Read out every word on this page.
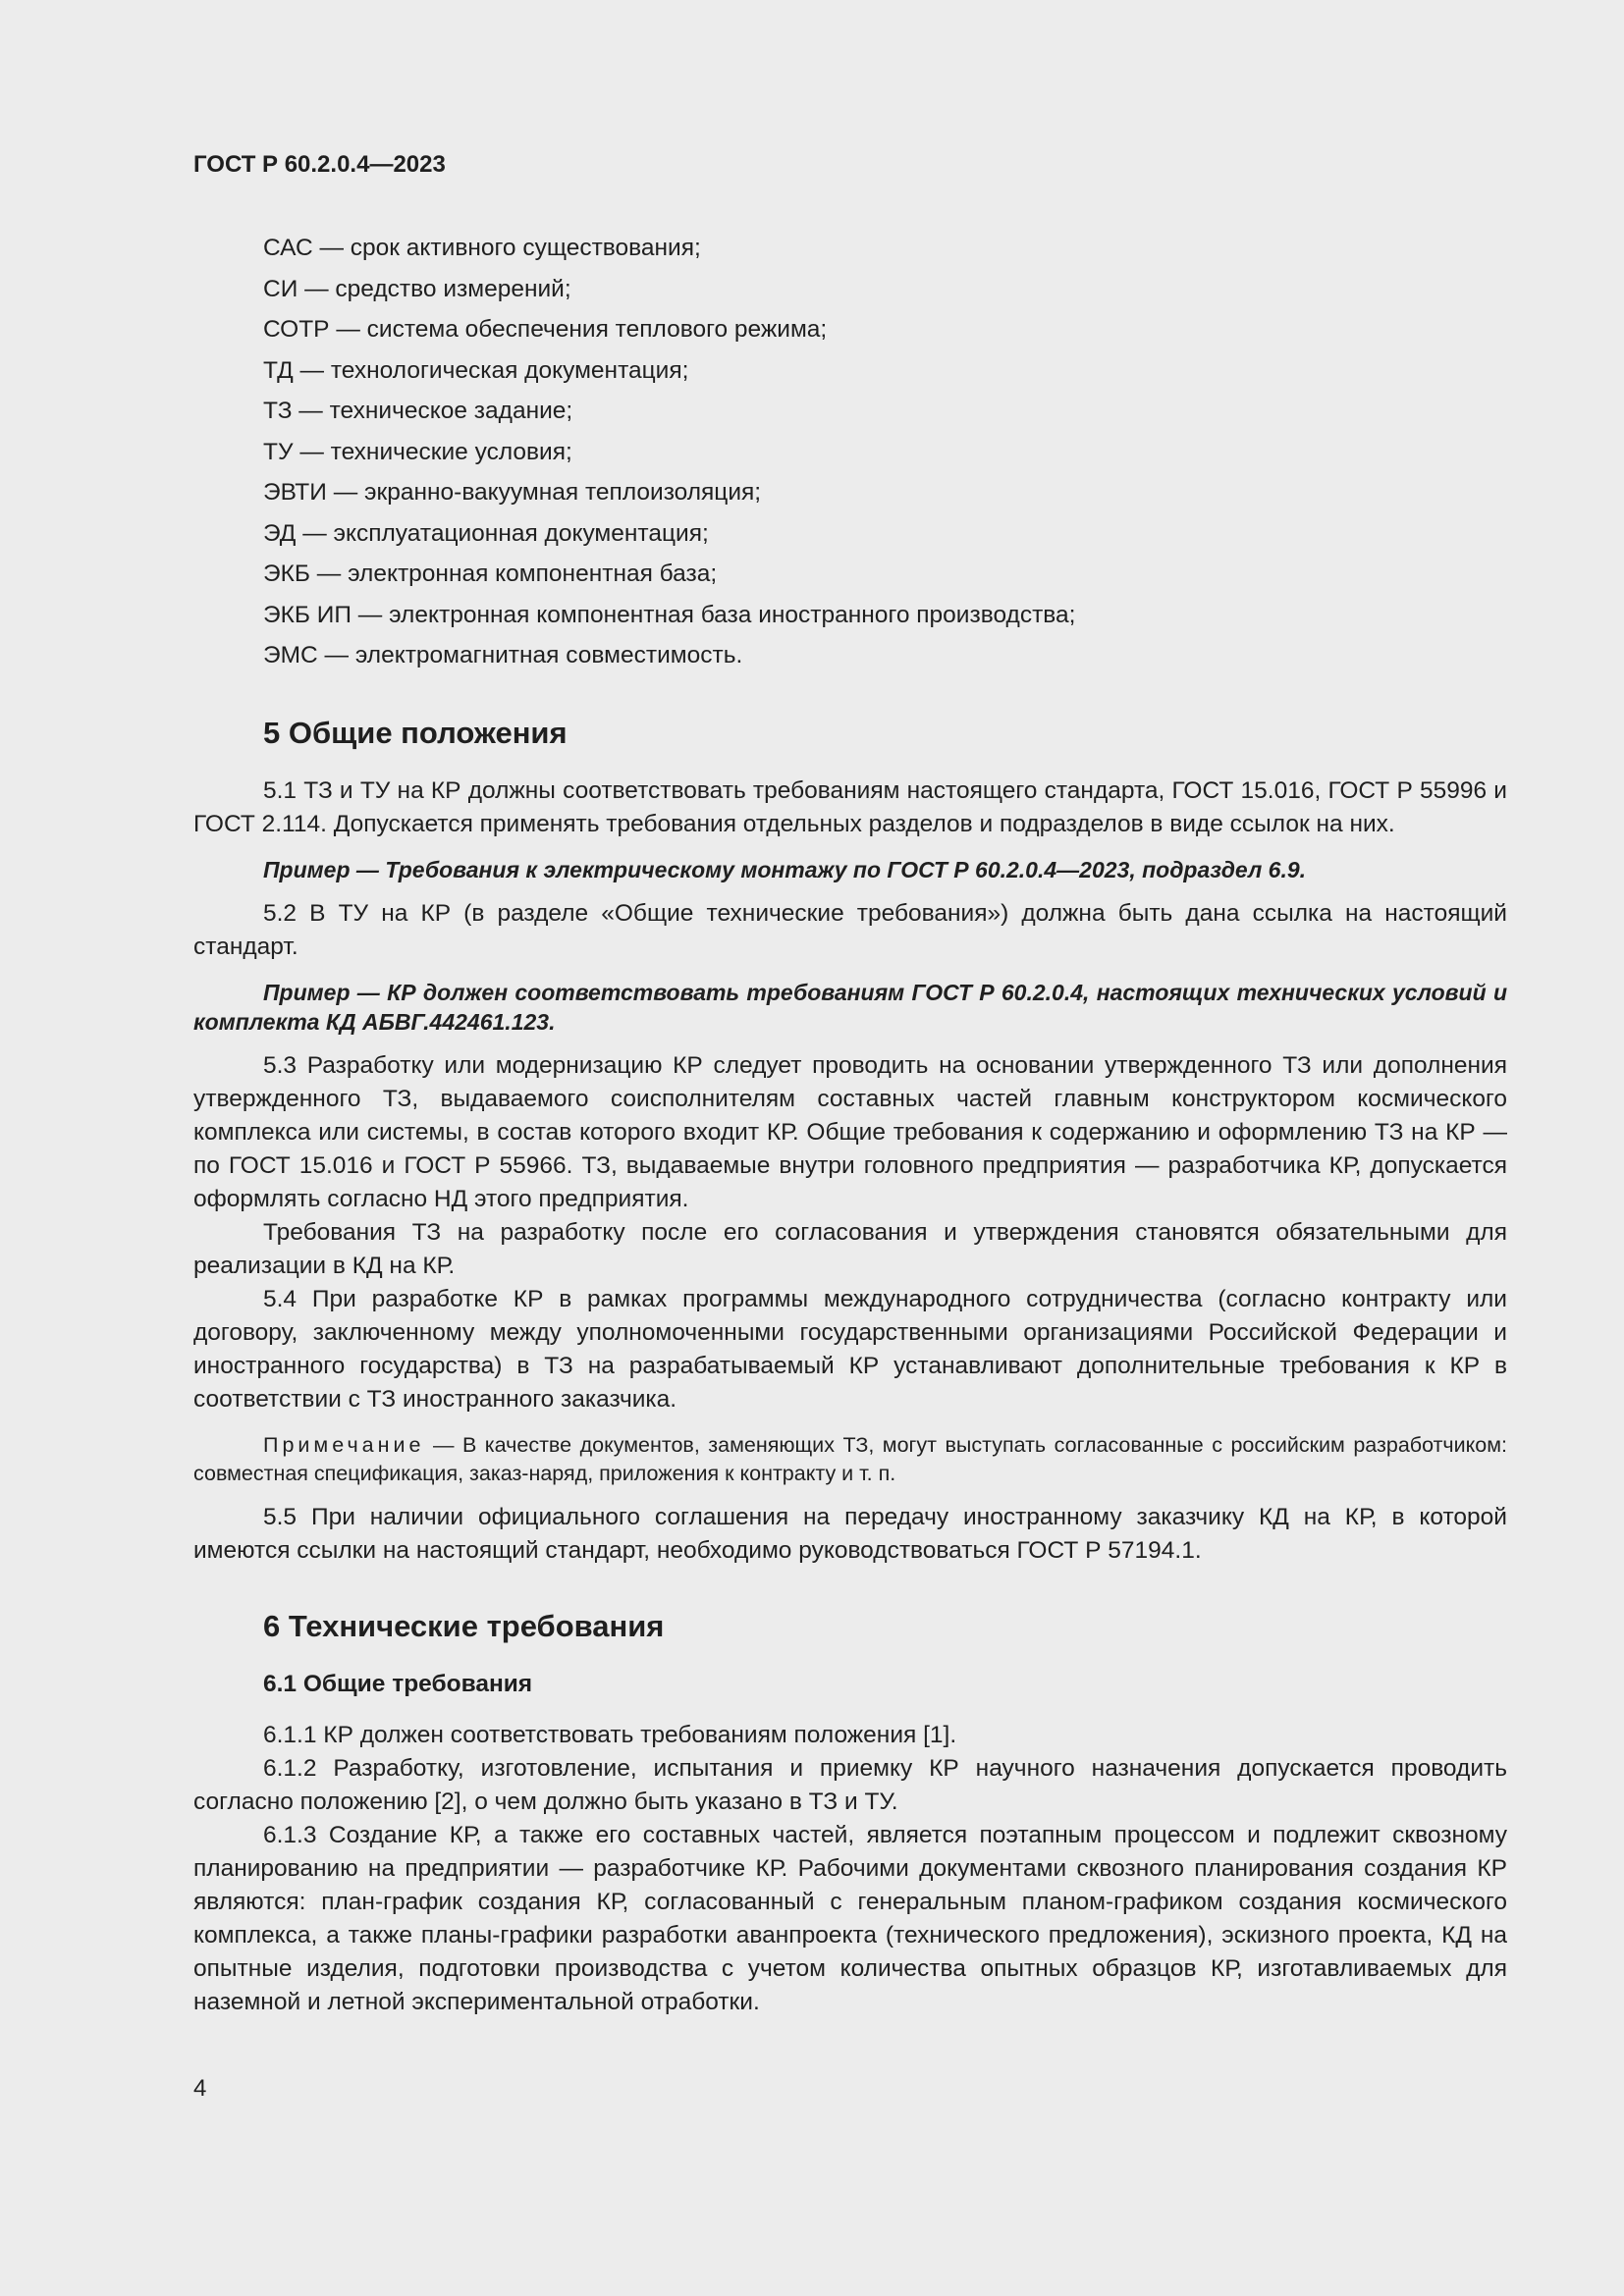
ГОСТ Р 60.2.0.4—2023
САС — срок активного существования;
СИ — средство измерений;
СОТР — система обеспечения теплового режима;
ТД — технологическая документация;
ТЗ — техническое задание;
ТУ — технические условия;
ЭВТИ — экранно-вакуумная теплоизоляция;
ЭД — эксплуатационная документация;
ЭКБ — электронная компонентная база;
ЭКБ ИП — электронная компонентная база иностранного производства;
ЭМС — электромагнитная совместимость.
5 Общие положения

5.1 ТЗ и ТУ на КР должны соответствовать требованиям настоящего стандарта, ГОСТ 15.016, ГОСТ Р 55996 и ГОСТ 2.114. Допускается применять требования отдельных разделов и подразделов в виде ссылок на них.

Пример — Требования к электрическому монтажу по ГОСТ Р 60.2.0.4—2023, подраздел 6.9.

5.2 В ТУ на КР (в разделе «Общие технические требования») должна быть дана ссылка на настоящий стандарт.

Пример — КР должен соответствовать требованиям ГОСТ Р 60.2.0.4, настоящих технических условий и комплекта КД АБВГ.442461.123.

5.3 Разработку или модернизацию КР следует проводить на основании утвержденного ТЗ или дополнения утвержденного ТЗ, выдаваемого соисполнителям составных частей главным конструктором космического комплекса или системы, в состав которого входит КР. Общие требования к содержанию и оформлению ТЗ на КР — по ГОСТ 15.016 и ГОСТ Р 55966. ТЗ, выдаваемые внутри головного предприятия — разработчика КР, допускается оформлять согласно НД этого предприятия.

Требования ТЗ на разработку после его согласования и утверждения становятся обязательными для реализации в КД на КР.

5.4 При разработке КР в рамках программы международного сотрудничества (согласно контракту или договору, заключенному между уполномоченными государственными организациями Российской Федерации и иностранного государства) в ТЗ на разрабатываемый КР устанавливают дополнительные требования к КР в соответствии с ТЗ иностранного заказчика.

Примечание — В качестве документов, заменяющих ТЗ, могут выступать согласованные с российским разработчиком: совместная спецификация, заказ-наряд, приложения к контракту и т. п.

5.5 При наличии официального соглашения на передачу иностранному заказчику КД на КР, в которой имеются ссылки на настоящий стандарт, необходимо руководствоваться ГОСТ Р 57194.1.

6 Технические требования
6.1 Общие требования

6.1.1 КР должен соответствовать требованиям положения [1].

6.1.2 Разработку, изготовление, испытания и приемку КР научного назначения допускается проводить согласно положению [2], о чем должно быть указано в ТЗ и ТУ.

6.1.3 Создание КР, а также его составных частей, является поэтапным процессом и подлежит сквозному планированию на предприятии — разработчике КР. Рабочими документами сквозного планирования создания КР являются: план-график создания КР, согласованный с генеральным планом-графиком создания космического комплекса, а также планы-графики разработки аванпроекта (технического предложения), эскизного проекта, КД на опытные изделия, подготовки производства с учетом количества опытных образцов КР, изготавливаемых для наземной и летной экспериментальной отработки.

4
